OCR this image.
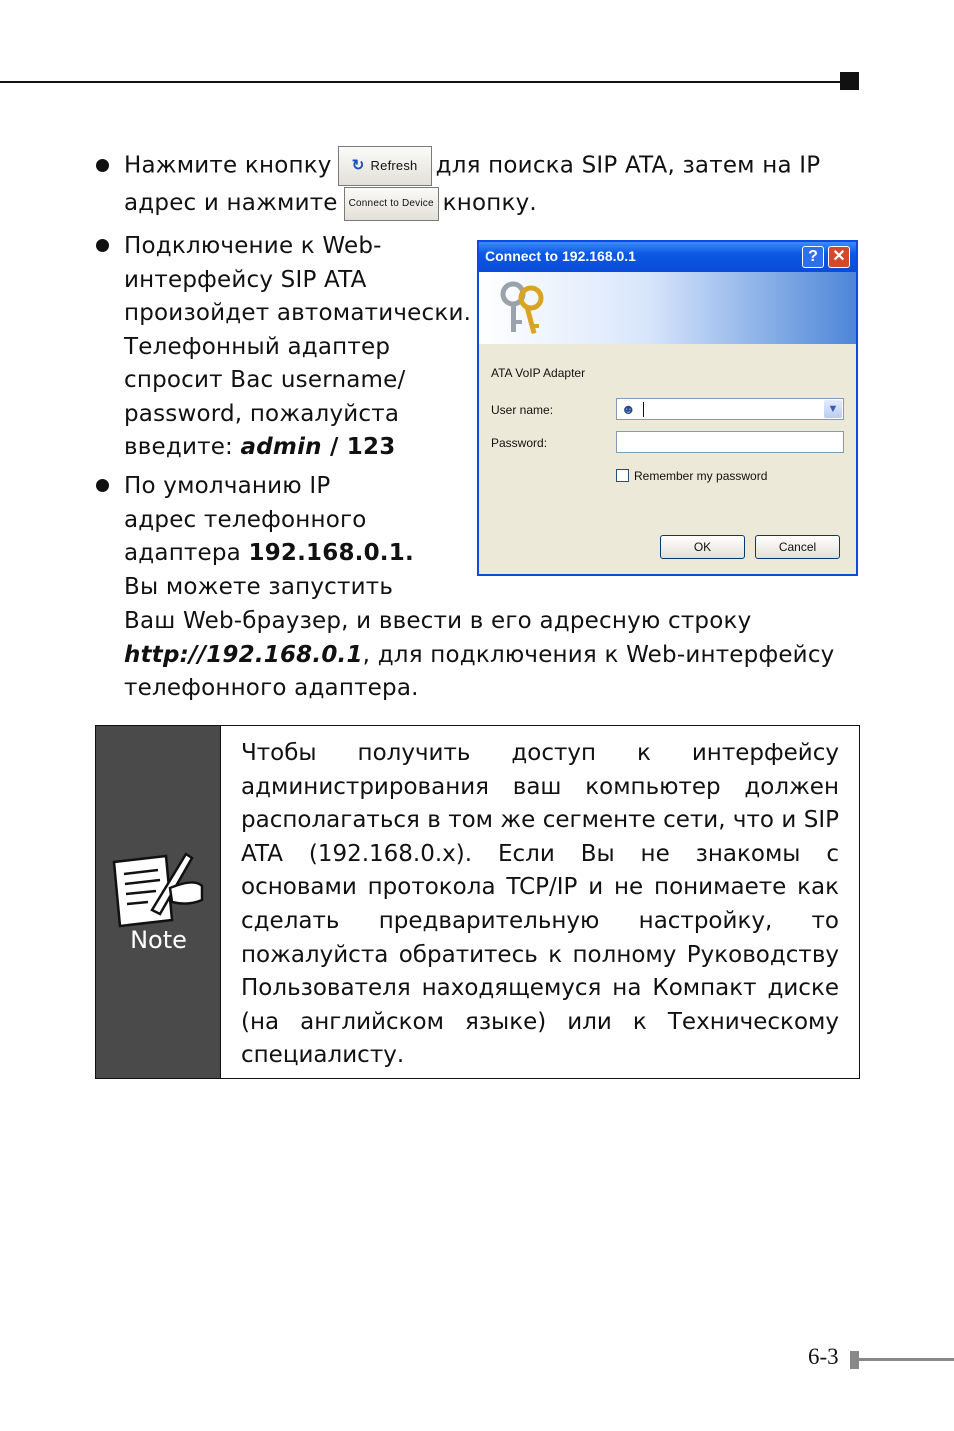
Нажмите кнопку ↻ Refresh для поиска SIP ATA, затем на IP
адрес и нажмите Connect to Device кнопку.
Подключение к Web-
интерфейсу SIP ATA
произойдет автоматически.
Телефонный адаптер
спросит Вас username/
password, пожалуйста
введите: admin / 123
По умолчанию IP
адрес телефонного
адаптера 192.168.0.1.
Вы можете запустить
Ваш Web-браузер, и ввести в его адресную строку
http://192.168.0.1, для подключения к Web-интерфейсу
телефонного адаптера.
Connect to 192.168.0.1	? ✕
ATA VoIP Adapter
User name:	☻	▼
Password:
Remember my password
OK	Cancel
Note
Чтобы получить доступ к интерфейсу администрирования ваш компьютер должен располагаться в том же сегменте сети, что и SIP ATA (192.168.0.x). Если Вы не знакомы с основами протокола TCP/IP и не понимаете как сделать предварительную настройку, то пожалуйста обратитесь к полному Руководству Пользователя находящемуся на Компакт диске (на английском языке) или к Техническому специалисту.
6-3
